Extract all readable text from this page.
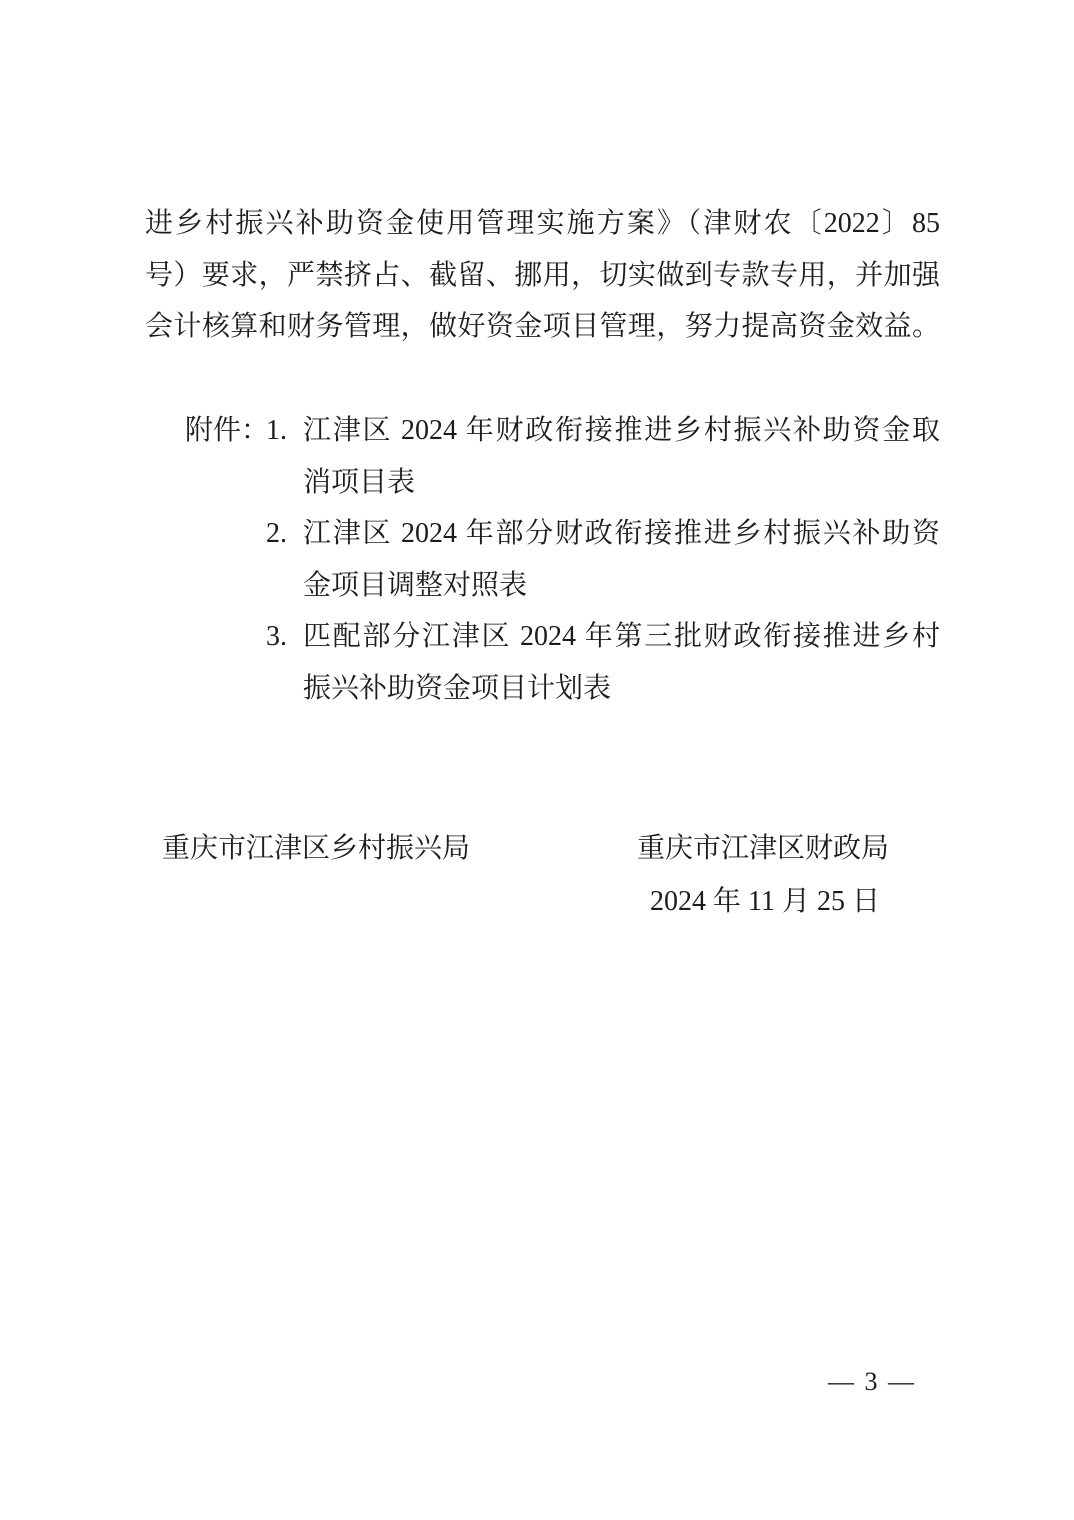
进乡村振兴补助资金使用管理实施方案》（津财农〔2022〕85
号）要求，严禁挤占、截留、挪用，切实做到专款专用，并加强
会计核算和财务管理，做好资金项目管理，努力提高资金效益。
附件：
1. 江津区 2024 年财政衔接推进乡村振兴补助资金取
消项目表
2. 江津区 2024 年部分财政衔接推进乡村振兴补助资
金项目调整对照表
3. 匹配部分江津区 2024 年第三批财政衔接推进乡村
振兴补助资金项目计划表
重庆市江津区乡村振兴局	重庆市江津区财政局
2024 年 11 月 25 日
— 3 —
